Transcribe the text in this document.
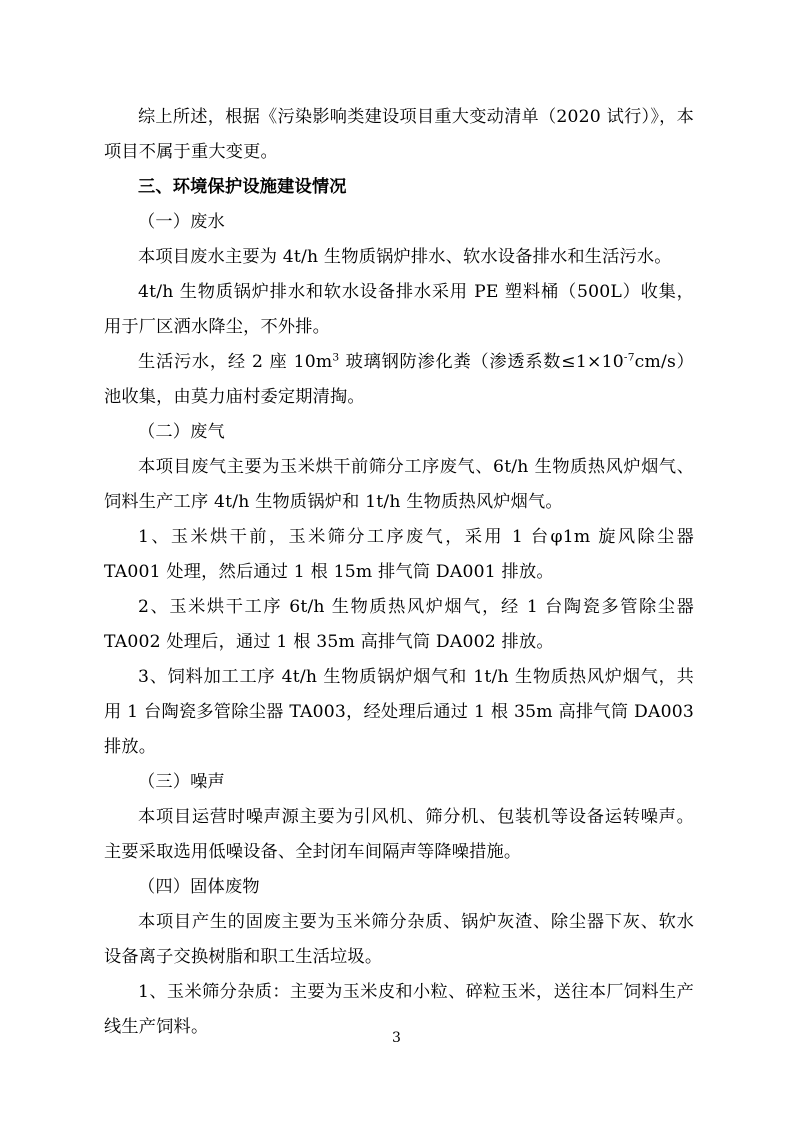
综上所述，根据《污染影响类建设项目重大变动清单（2020 试行）》，本项目不属于重大变更。

三、环境保护设施建设情况

（一）废水

本项目废水主要为 4t/h 生物质锅炉排水、软水设备排水和生活污水。

4t/h 生物质锅炉排水和软水设备排水采用 PE 塑料桶（500L）收集，用于厂区洒水降尘，不外排。

生活污水，经 2 座 $10m^3$ 玻璃钢防渗化粪（渗透系数$\le 1\times 10^{-7}cm/s$）池收集，由莫力庙村委定期清掏。

（二）废气

本项目废气主要为玉米烘干前筛分工序废气、6t/h 生物质热风炉烟气、饲料生产工序 4t/h 生物质锅炉和 1t/h 生物质热风炉烟气。

1、玉米烘干前，玉米筛分工序废气，采用 1 台φ1m 旋风除尘器 TA001 处理，然后通过 1 根 15m 排气筒 DA001 排放。

2、玉米烘干工序 6t/h 生物质热风炉烟气，经 1 台陶瓷多管除尘器 TA002 处理后，通过 1 根 35m 高排气筒 DA002 排放。

3、饲料加工工序 4t/h 生物质锅炉烟气和 1t/h 生物质热风炉烟气，共用 1 台陶瓷多管除尘器 TA003，经处理后通过 1 根 35m 高排气筒 DA003 排放。

（三）噪声

本项目运营时噪声源主要为引风机、筛分机、包装机等设备运转噪声。主要采取选用低噪设备、全封闭车间隔声等降噪措施。

（四）固体废物

本项目产生的固废主要为玉米筛分杂质、锅炉灰渣、除尘器下灰、软水设备离子交换树脂和职工生活垃圾。

1、玉米筛分杂质：主要为玉米皮和小粒、碎粒玉米，送往本厂饲料生产线生产饲料。

3
